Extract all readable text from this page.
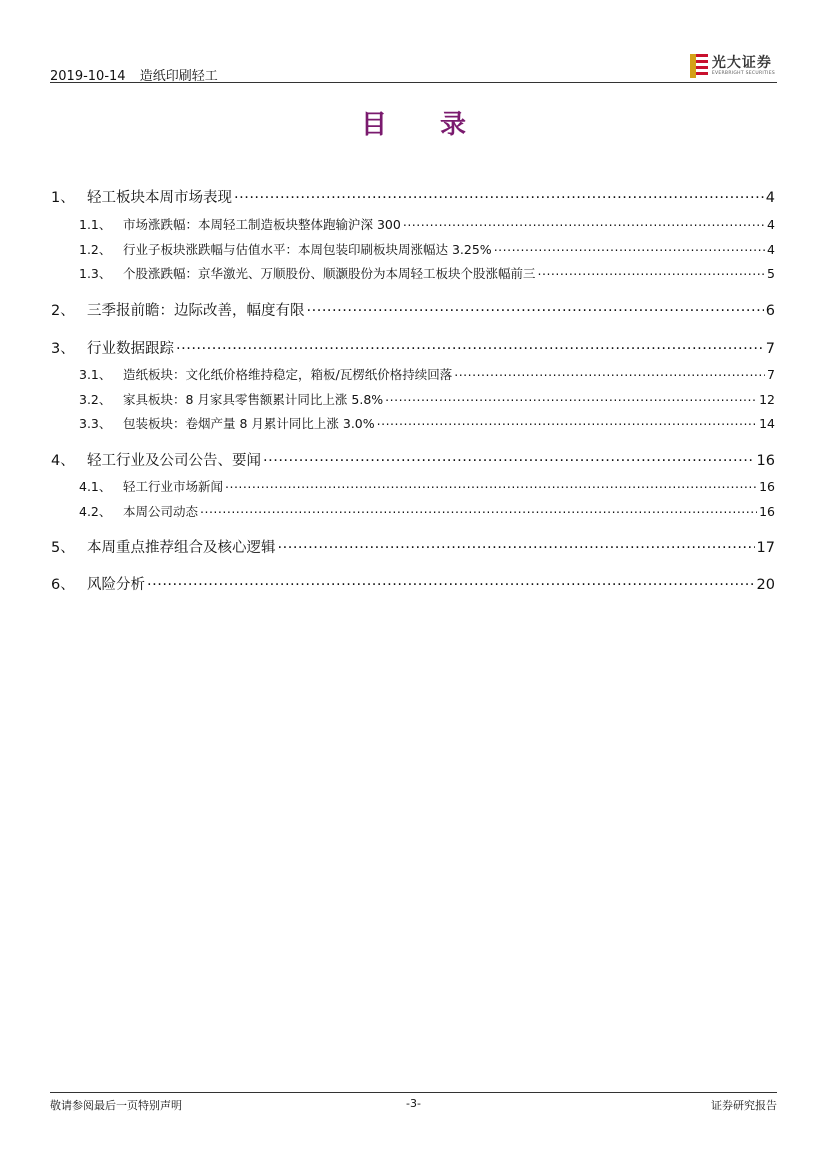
2019-10-14 造纸印刷轻工
光大证券
EVERBRIGHT SECURITIES
目 录
1、 轻工板块本周市场表现 .....	4
1.1、 市场涨跌幅：本周轻工制造板块整体跑输沪深 300 .....	4
1.2、 行业子板块涨跌幅与估值水平：本周包装印刷板块周涨幅达 3.25% .....	4
1.3、 个股涨跌幅：京华激光、万顺股份、顺灏股份为本周轻工板块个股涨幅前三 .....	5
2、 三季报前瞻：边际改善，幅度有限 .....	6
3、 行业数据跟踪 .....	7
3.1、 造纸板块：文化纸价格维持稳定，箱板/瓦楞纸价格持续回落 .....	7
3.2、 家具板块：8 月家具零售额累计同比上涨 5.8% .....	12
3.3、 包装板块：卷烟产量 8 月累计同比上涨 3.0% .....	14
4、 轻工行业及公司公告、要闻 .....	16
4.1、 轻工行业市场新闻 .....	16
4.2、 本周公司动态 .....	16
5、 本周重点推荐组合及核心逻辑 .....	17
6、 风险分析 .....	20
敬请参阅最后一页特别声明	-3-	证券研究报告
